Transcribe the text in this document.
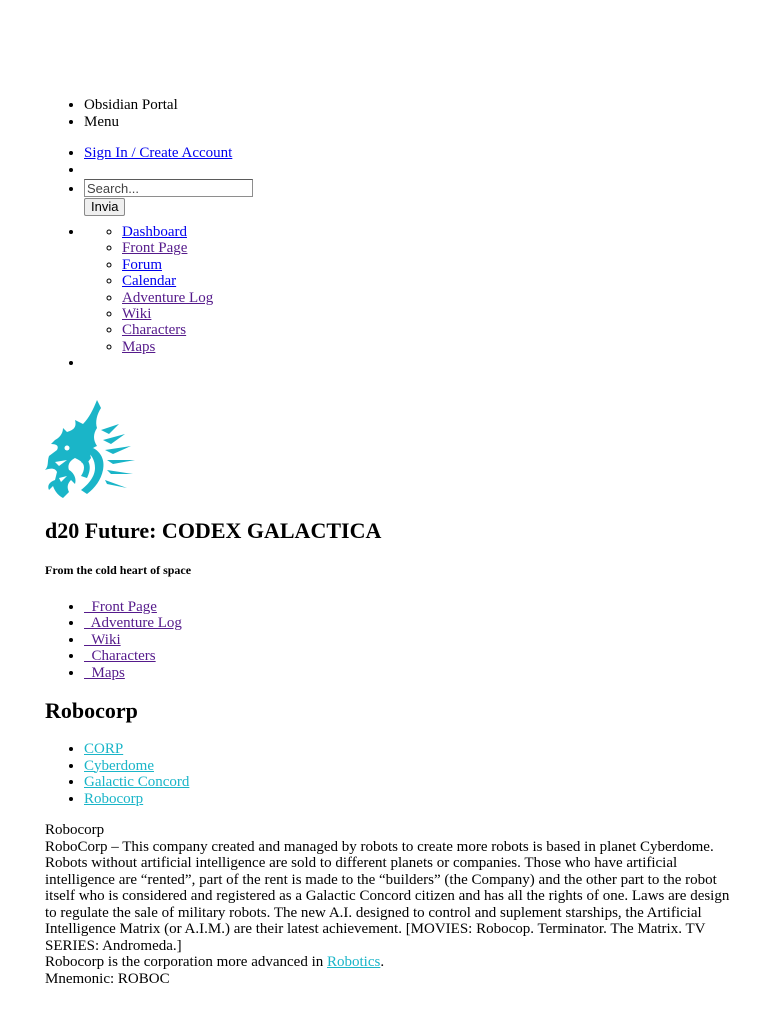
• Obsidian Portal
• Menu
• Sign In / Create Account
•
Search...
• Invia
◦ • Dashboard
◦ Front Page
◦ Forum
◦ Calendar
◦ Adventure Log
◦ Wiki
◦ Characters
◦ Maps
•
d20 Future: CODEX GALACTICA
From the cold heart of space
•   Front Page
•   Adventure Log
•   Wiki
•   Characters
•   Maps
Robocorp
• CORP
• Cyberdome
• Galactic Concord
• Robocorp

Robocorp

RoboCorp – This company created and managed by robots to create more robots is based in planet Cyberdome. Robots without artificial intelligence are sold to different planets or companies. Those who have artificial intelligence are “rented”, part of the rent is made to the “builders” (the Company) and the other part to the robot itself who is considered and registered as a Galactic Concord citizen and has all the rights of one. Laws are design to regulate the sale of military robots. The new A.I. designed to control and suplement starships, the Artificial Intelligence Matrix (or A.I.M.) are their latest achievement. [MOVIES: Robocop. Terminator. The Matrix. TV SERIES: Andromeda.]

Robocorp is the corporation more advanced in Robotics.

Mnemonic: ROBOC
